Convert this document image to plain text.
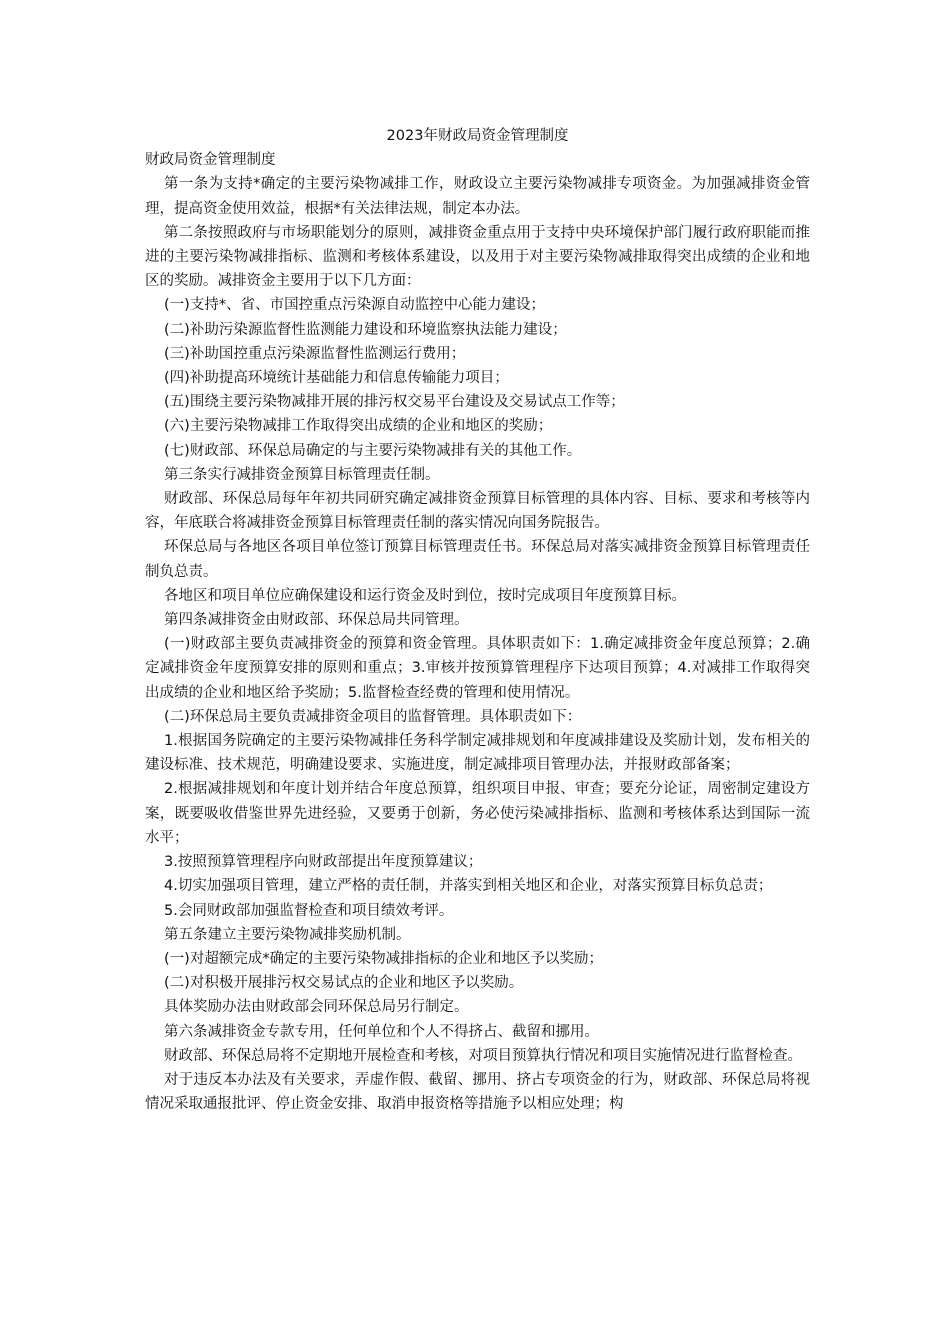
2023年财政局资金管理制度

财政局资金管理制度

第一条为支持*确定的主要污染物减排工作，财政设立主要污染物减排专项资金。为加强减排资金管理，提高资金使用效益，根据*有关法律法规，制定本办法。

第二条按照政府与市场职能划分的原则，减排资金重点用于支持中央环境保护部门履行政府职能而推进的主要污染物减排指标、监测和考核体系建设，以及用于对主要污染物减排取得突出成绩的企业和地区的奖励。减排资金主要用于以下几方面：

(一)支持*、省、市国控重点污染源自动监控中心能力建设；

(二)补助污染源监督性监测能力建设和环境监察执法能力建设；

(三)补助国控重点污染源监督性监测运行费用；

(四)补助提高环境统计基础能力和信息传输能力项目；

(五)围绕主要污染物减排开展的排污权交易平台建设及交易试点工作等；

(六)主要污染物减排工作取得突出成绩的企业和地区的奖励；

(七)财政部、环保总局确定的与主要污染物减排有关的其他工作。

第三条实行减排资金预算目标管理责任制。

财政部、环保总局每年年初共同研究确定减排资金预算目标管理的具体内容、目标、要求和考核等内容，年底联合将减排资金预算目标管理责任制的落实情况向国务院报告。

环保总局与各地区各项目单位签订预算目标管理责任书。环保总局对落实减排资金预算目标管理责任制负总责。

各地区和项目单位应确保建设和运行资金及时到位，按时完成项目年度预算目标。

第四条减排资金由财政部、环保总局共同管理。

(一)财政部主要负责减排资金的预算和资金管理。具体职责如下：1.确定减排资金年度总预算；2.确定减排资金年度预算安排的原则和重点；3.审核并按预算管理程序下达项目预算；4.对减排工作取得突出成绩的企业和地区给予奖励；5.监督检查经费的管理和使用情况。

(二)环保总局主要负责减排资金项目的监督管理。具体职责如下：

1.根据国务院确定的主要污染物减排任务科学制定减排规划和年度减排建设及奖励计划，发布相关的建设标准、技术规范，明确建设要求、实施进度，制定减排项目管理办法，并报财政部备案；

2.根据减排规划和年度计划并结合年度总预算，组织项目申报、审查；要充分论证，周密制定建设方案，既要吸收借鉴世界先进经验，又要勇于创新，务必使污染减排指标、监测和考核体系达到国际一流水平；

3.按照预算管理程序向财政部提出年度预算建议；

4.切实加强项目管理，建立严格的责任制，并落实到相关地区和企业，对落实预算目标负总责；

5.会同财政部加强监督检查和项目绩效考评。

第五条建立主要污染物减排奖励机制。

(一)对超额完成*确定的主要污染物减排指标的企业和地区予以奖励；

(二)对积极开展排污权交易试点的企业和地区予以奖励。

具体奖励办法由财政部会同环保总局另行制定。

第六条减排资金专款专用，任何单位和个人不得挤占、截留和挪用。

财政部、环保总局将不定期地开展检查和考核，对项目预算执行情况和项目实施情况进行监督检查。

对于违反本办法及有关要求，弄虚作假、截留、挪用、挤占专项资金的行为，财政部、环保总局将视情况采取通报批评、停止资金安排、取消申报资格等措施予以相应处理；构
